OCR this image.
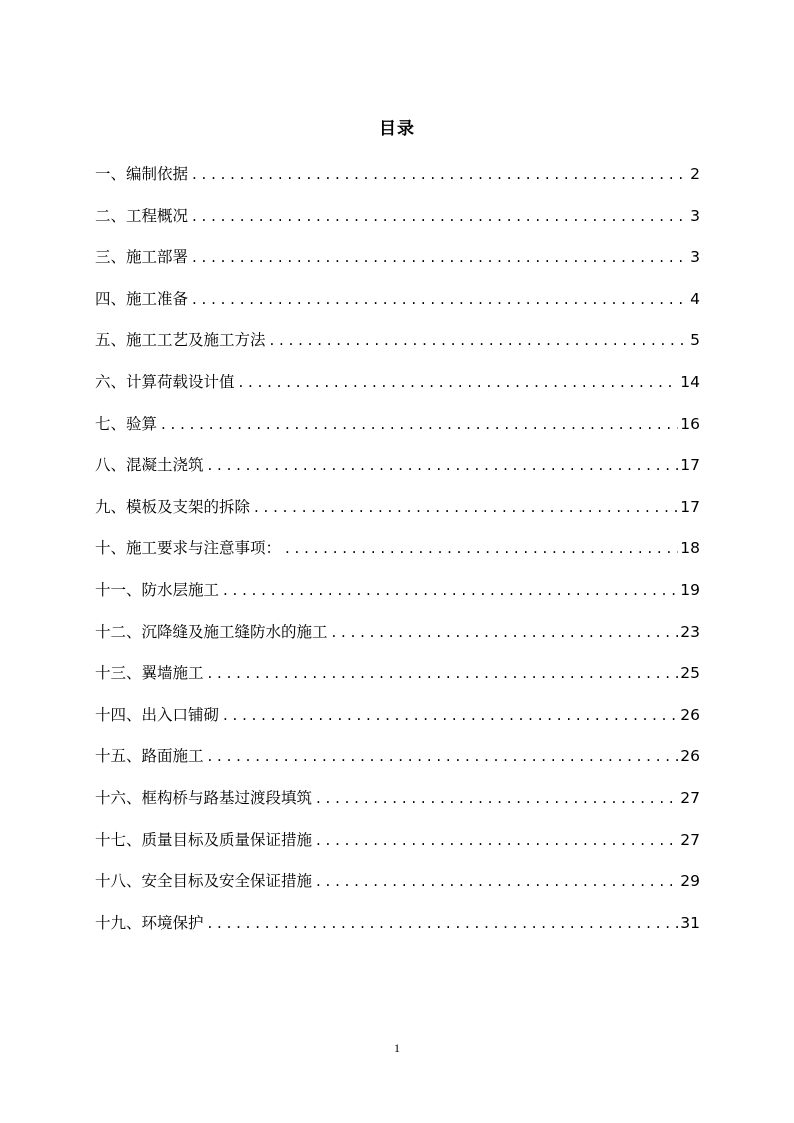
目录
一、编制依据 . . .	2
二、工程概况 . . .	3
三、施工部署 . . .	3
四、施工准备 . . .	4
五、施工工艺及施工方法 . . .	5
六、计算荷载设计值 . . .	14
七、验算 . . .	16
八、混凝土浇筑 . . .	17
九、模板及支架的拆除 . . .	17
十、施工要求与注意事项： . . .	18
十一、防水层施工 . . .	19
十二、沉降缝及施工缝防水的施工 . . .	23
十三、翼墙施工 . . .	25
十四、出入口铺砌 . . .	26
十五、路面施工 . . .	26
十六、框构桥与路基过渡段填筑 . . .	27
十七、质量目标及质量保证措施 . . .	27
十八、安全目标及安全保证措施 . . .	29
十九、环境保护 . . .	31
1
